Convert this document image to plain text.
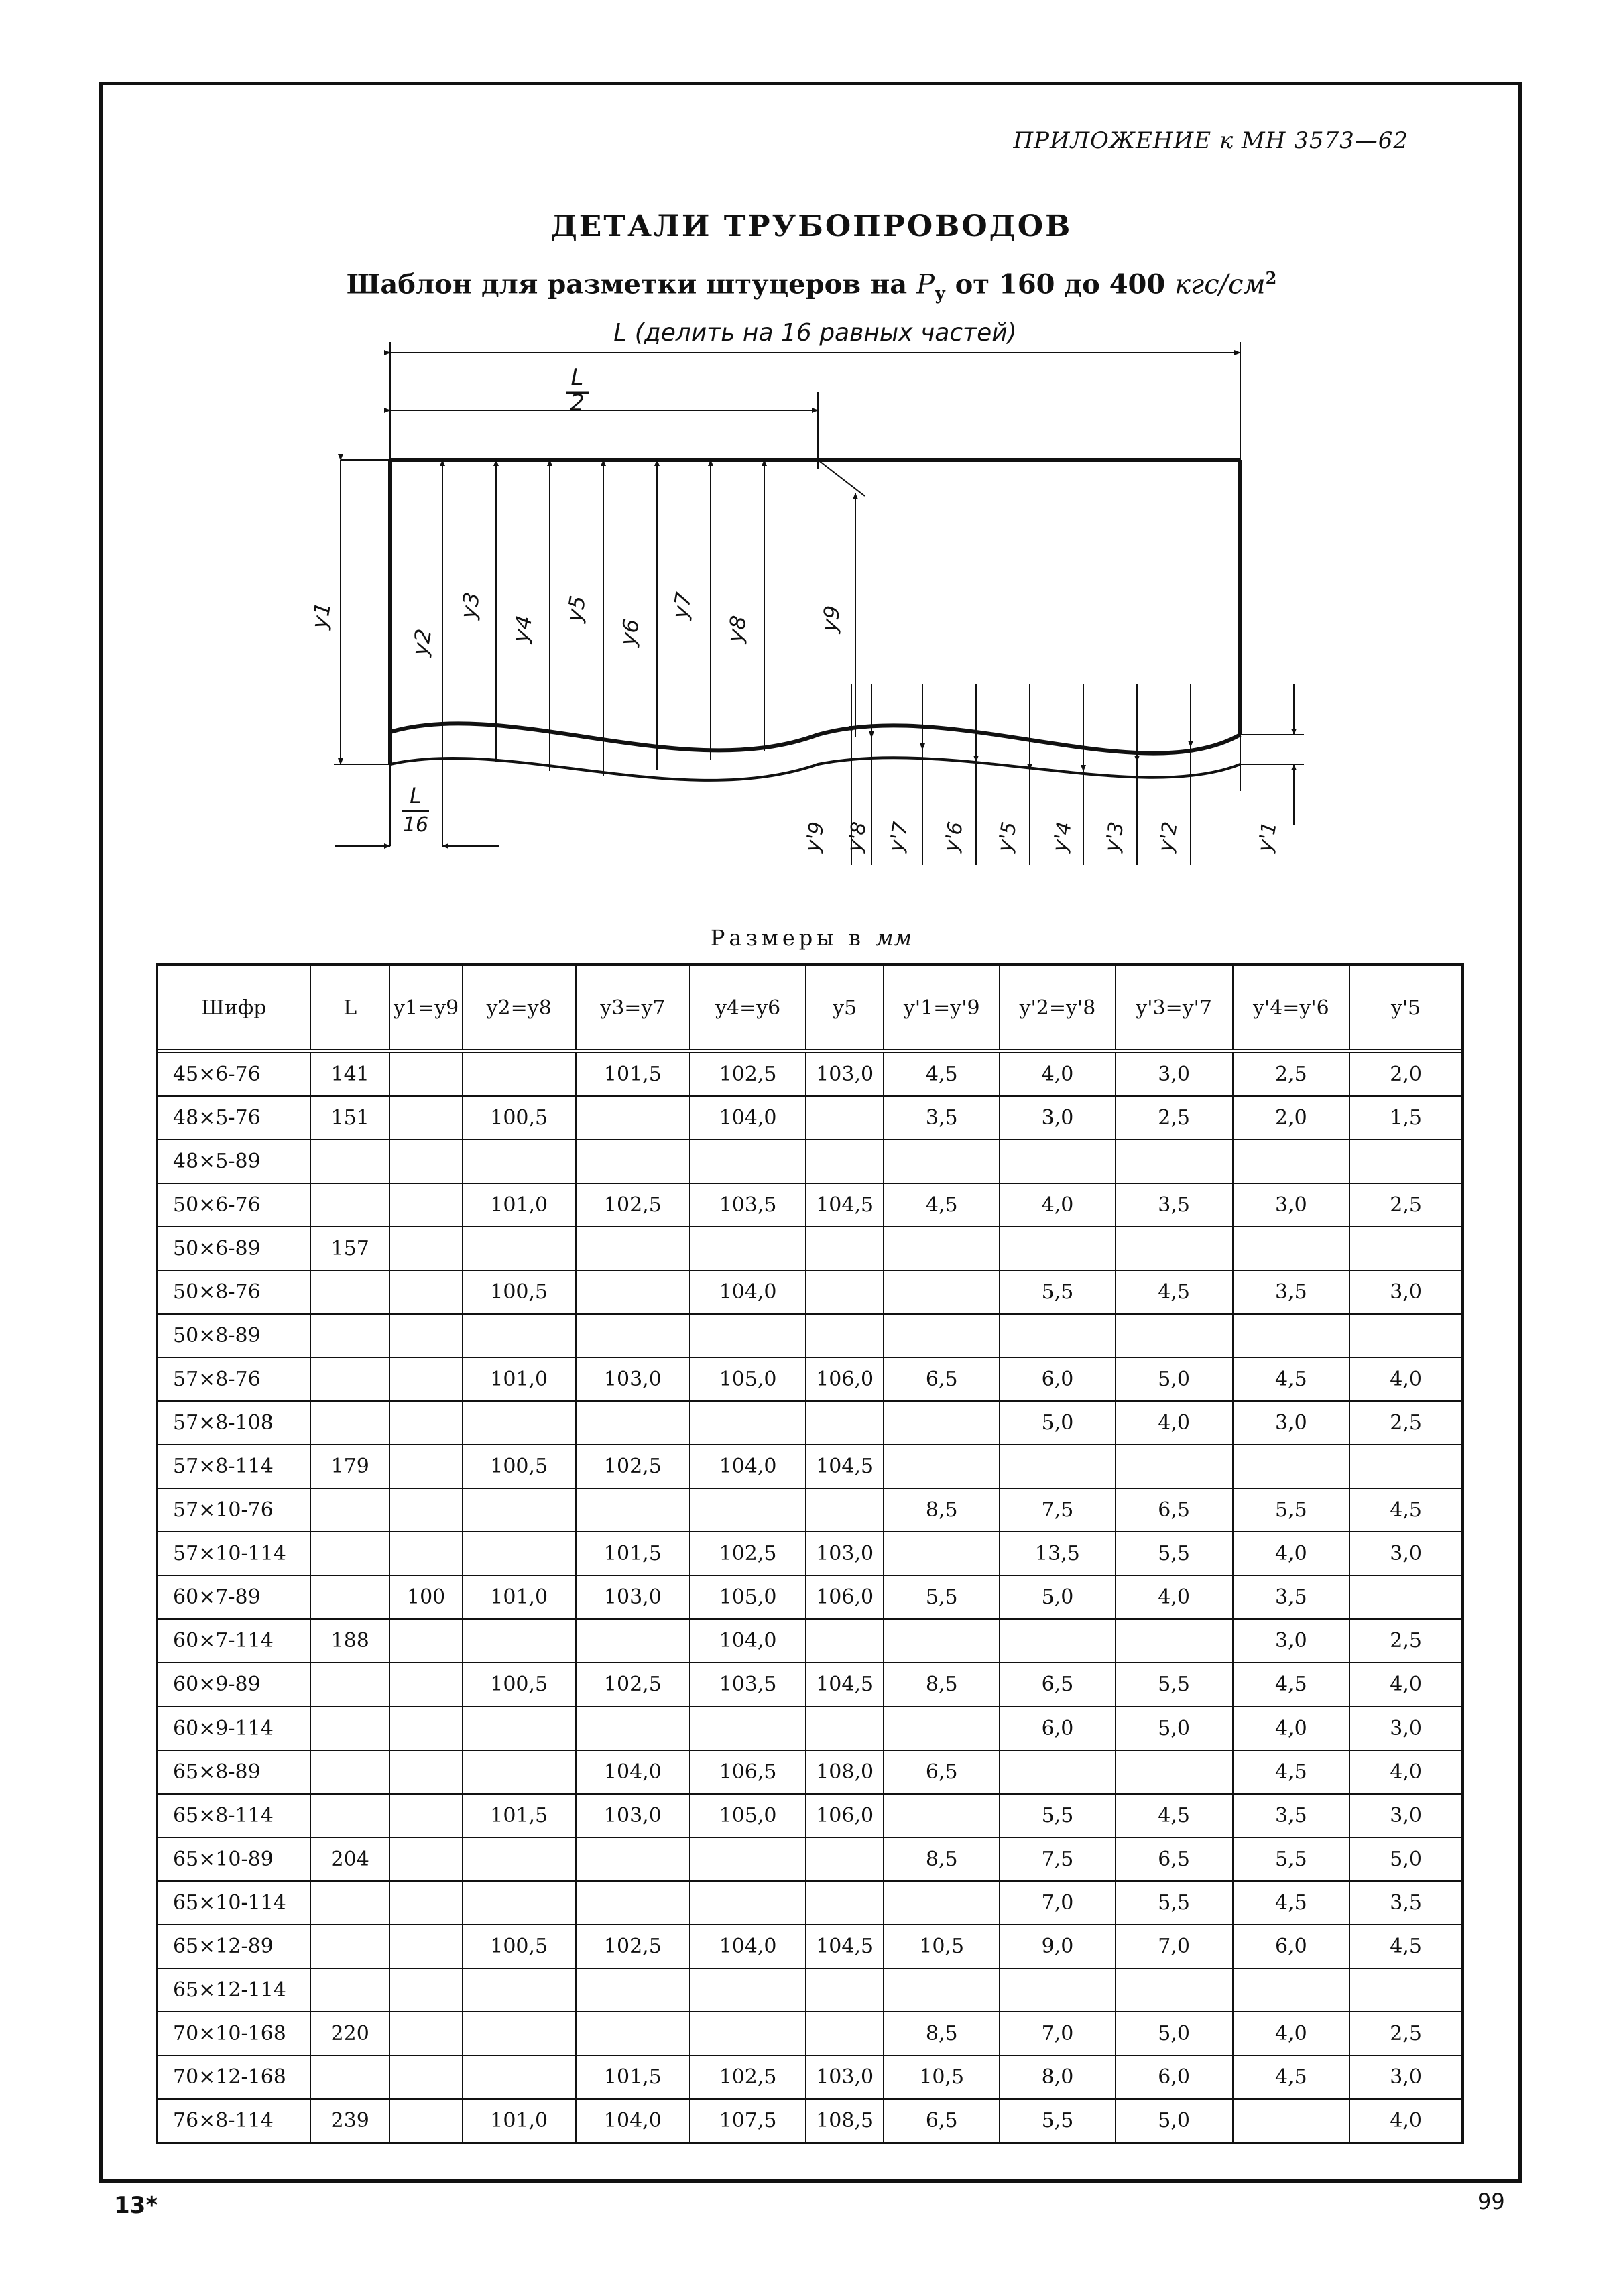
ПРИЛОЖЕНИЕ к МН 3573—62
ДЕТАЛИ ТРУБОПРОВОДОВ
Шаблон для разметки штуцеров на $P_у$ от 160 до 400 кгс/$см^2$
L (делить на 16 равных частей)
L
2
L
16
y1
y2
y3
y4
y5
y6
y7
y8	y9
y'9 y'8 y'7 y'6 y'5 y'4 y'3 y'2	y'1
Размеры в мм
Шифр	L	y1=y9	y2=y8	y3=y7	y4=y6	y5	y'1=y'9	y'2=y'8	y'3=y'7	y'4=y'6	y'5
45×6-76	141			101,5	102,5	103,0	4,5	4,0	3,0	2,5	2,0
48×5-76	151		100,5		104,0		3,5	3,0	2,5	2,0	1,5
48×5-89											
50×6-76			101,0	102,5	103,5	104,5	4,5	4,0	3,5	3,0	2,5
50×6-89	157										
50×8-76			100,5		104,0			5,5	4,5	3,5	3,0
50×8-89											
57×8-76			101,0	103,0	105,0	106,0	6,5	6,0	5,0	4,5	4,0
57×8-108								5,0	4,0	3,0	2,5
57×8-114	179		100,5	102,5	104,0	104,5					
57×10-76							8,5	7,5	6,5	5,5	4,5
57×10-114				101,5	102,5	103,0		13,5	5,5	4,0	3,0
60×7-89		100	101,0	103,0	105,0	106,0	5,5	5,0	4,0	3,5	
60×7-114	188				104,0					3,0	2,5
60×9-89			100,5	102,5	103,5	104,5	8,5	6,5	5,5	4,5	4,0
60×9-114								6,0	5,0	4,0	3,0
65×8-89				104,0	106,5	108,0	6,5			4,5	4,0
65×8-114			101,5	103,0	105,0	106,0		5,5	4,5	3,5	3,0
65×10-89	204						8,5	7,5	6,5	5,5	5,0
65×10-114								7,0	5,5	4,5	3,5
65×12-89			100,5	102,5	104,0	104,5	10,5	9,0	7,0	6,0	4,5
65×12-114											
70×10-168	220						8,5	7,0	5,0	4,0	2,5
70×12-168				101,5	102,5	103,0	10,5	8,0	6,0	4,5	3,0
76×8-114	239		101,0	104,0	107,5	108,5	6,5	5,5	5,0		4,0
13*	99
